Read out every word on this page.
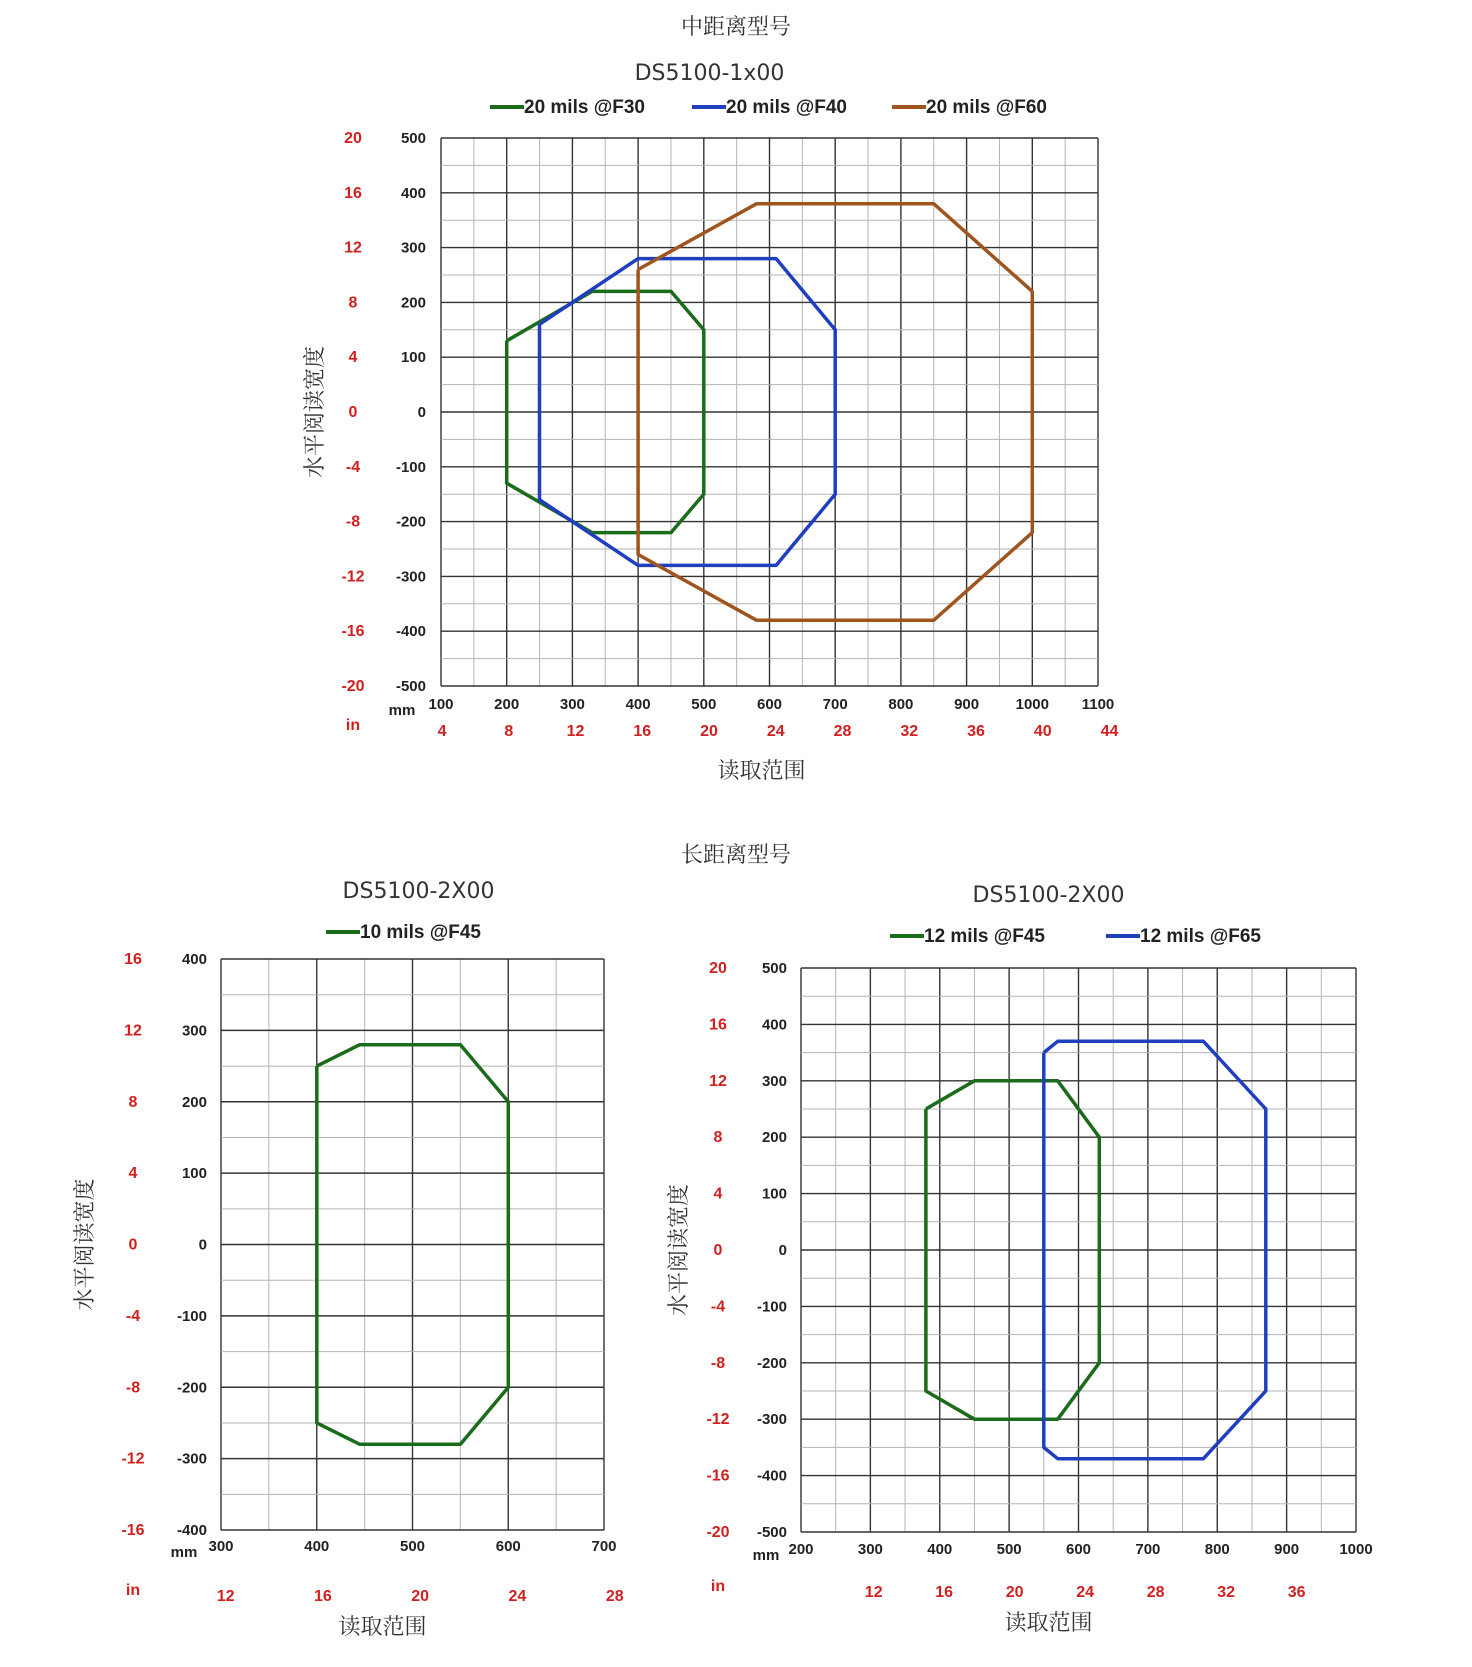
中距离型号
长距离型号
DS5100-1x00
500
20
400
16
300
12
200
8
100
4
0
0
-100
-4
-200
-8
-300
-12
-400
-16
-500
-20
100	200	300	400	500	600	700	800	900 1000 1100
4	8	12	16	20	24	28	32	36	40	44
mm
in
读取范围
水平阅读宽度
20 mils @F30	20 mils @F40	20 mils @F60
DS5100-2X00
400
16
300
12
200
8
100
4
0
0
-100
-4
-200
-8
-300
-12
-400
-16
300	400	500	600	700
12	16	20	24	28
mm
in
读取范围
水平阅读宽度
10 mils @F45
DS5100-2X00
500
20
400
16
300
12
200
8
100
4
0
0
-100
-4
-200
-8
-300
-12
-400
-16
-500
-20
200	300	400	500	600	700	800	900	1000
12	16	20	24	28	32	36
mm
in
读取范围
水平阅读宽度
12 mils @F45	12 mils @F65
